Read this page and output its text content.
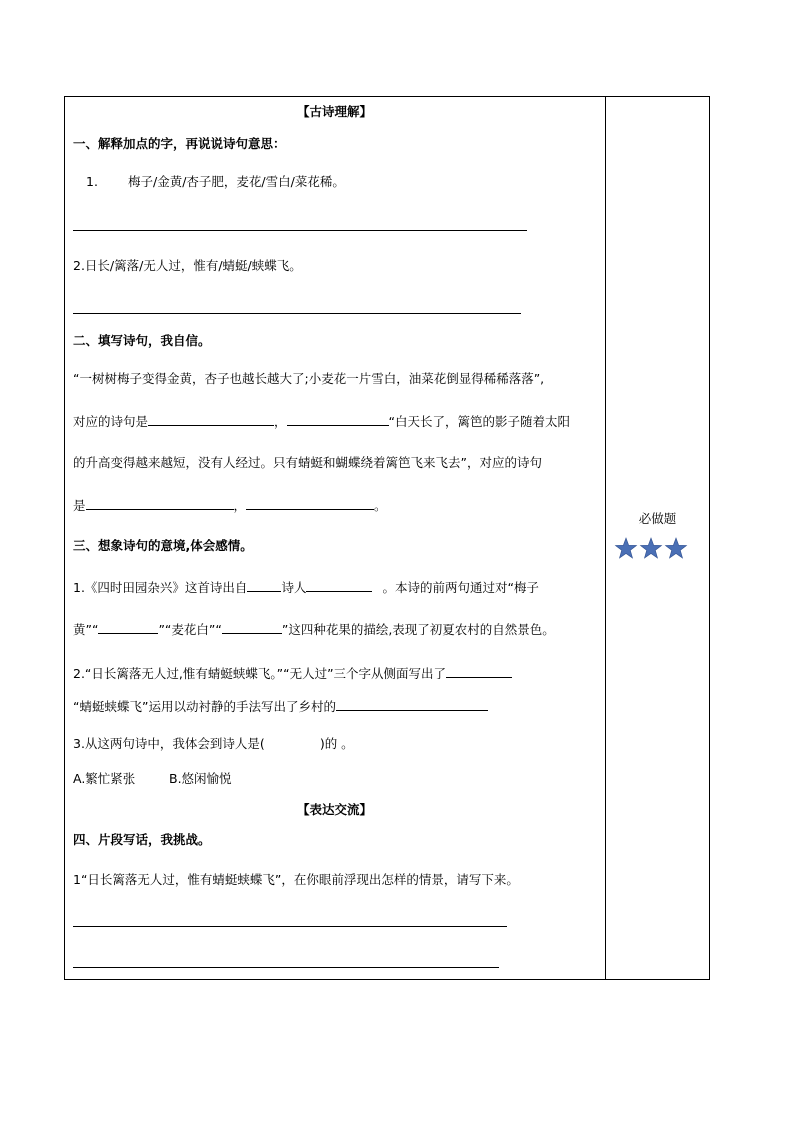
【古诗理解】
一、解释加点的字，再说说诗句意思：
1. 梅子/金黄/杏子肥，麦花/雪白/菜花稀。
2.日长/篱落/无人过，惟有/蜻蜓/蛱蝶飞。
二、填写诗句，我自信。
“一树树梅子变得金黄，杏子也越长越大了;小麦花一片雪白，油菜花倒显得稀稀落落”,
对应的诗句是	，	“白天长了，篱笆的影子随着太阳
的升高变得越来越短，没有人经过。只有蜻蜓和蝴蝶绕着篱笆飞来飞去”，对应的诗句
是	，	。
三、想象诗句的意境,体会感情。
1.《四时田园杂兴》这首诗出自	诗人	。本诗的前两句通过对“梅子
黄”“	”“麦花白”“	”这四种花果的描绘,表现了初夏农村的自然景色。
2.“日长篱落无人过,惟有蜻蜓蛱蝶飞。”“无人过”三个字从侧面写出了
“蜻蜓蛱蝶飞”运用以动衬静的手法写出了乡村的
3.从这两句诗中，我体会到诗人是(	)的 。
A.繁忙紧张	B.悠闲愉悦
【表达交流】
四、片段写话，我挑战。
1“日长篱落无人过，惟有蜻蜓蛱蝶飞”，在你眼前浮现出怎样的情景，请写下来。
必做题
